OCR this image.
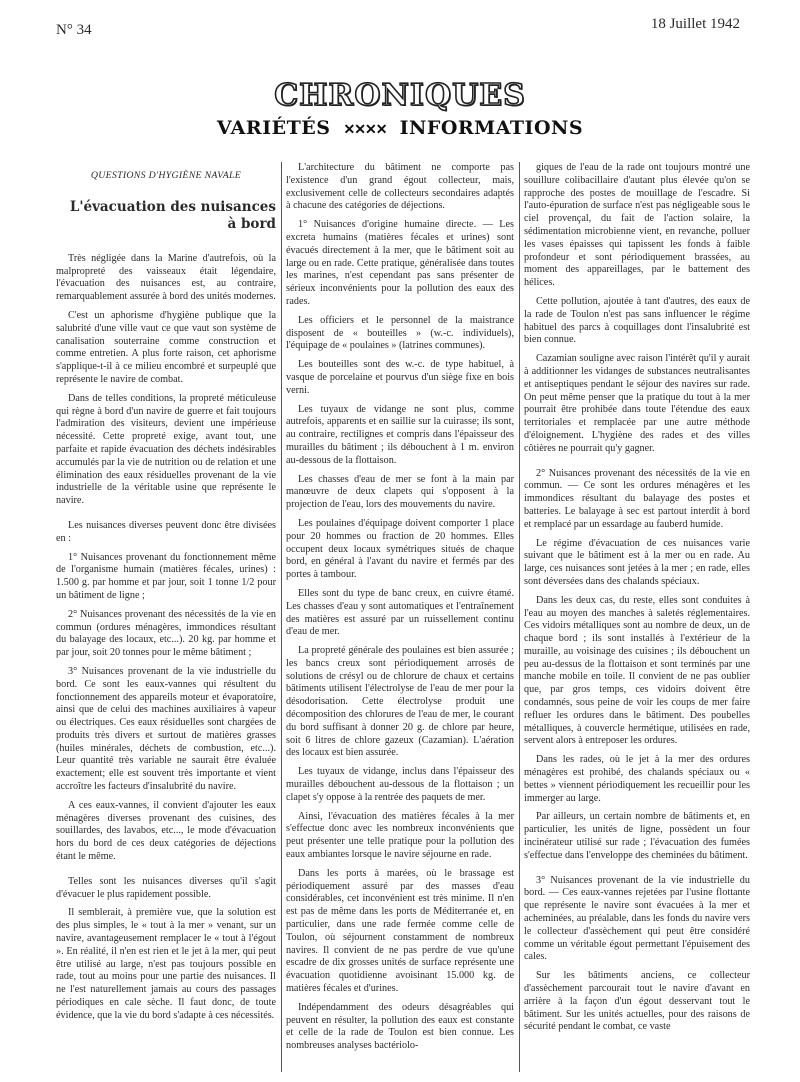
N° 34	18 Juillet 1942
CHRONIQUES
VARIÉTÉS ✕✕✕✕ INFORMATIONS
QUESTIONS D'HYGIÈNE NAVALE
L'évacuation des nuisances
à bord

Très négligée dans la Marine d'autrefois, où la malpropreté des vaisseaux était légendaire, l'évacuation des nuisances est, au contraire, remarquablement assurée à bord des unités modernes.

C'est un aphorisme d'hygiène publique que la salubrité d'une ville vaut ce que vaut son système de canalisation souterraine comme construction et comme entretien. A plus forte raison, cet aphorisme s'applique-t-il à ce milieu encombré et surpeuplé que représente le navire de combat.

Dans de telles conditions, la propreté méticuleuse qui règne à bord d'un navire de guerre et fait toujours l'admiration des visiteurs, devient une impérieuse nécessité. Cette propreté exige, avant tout, une parfaite et rapide évacuation des déchets indésirables accumulés par la vie de nutrition ou de relation et une élimination des eaux résiduelles provenant de la vie industrielle de la véritable usine que représente le navire.

Les nuisances diverses peuvent donc être divisées en :

1° Nuisances provenant du fonctionnement même de l'organisme humain (matières fécales, urines) : 1.500 g. par homme et par jour, soit 1 tonne 1/2 pour un bâtiment de ligne ;

2° Nuisances provenant des nécessités de la vie en commun (ordures ménagères, immondices résultant du balayage des locaux, etc...). 20 kg. par homme et par jour, soit 20 tonnes pour le même bâtiment ;

3° Nuisances provenant de la vie industrielle du bord. Ce sont les eaux-vannes qui résultent du fonctionnement des appareils moteur et évaporatoire, ainsi que de celui des machines auxiliaires à vapeur ou électriques. Ces eaux résiduelles sont chargées de produits très divers et surtout de matières grasses (huiles minérales, déchets de combustion, etc...). Leur quantité très variable ne saurait être évaluée exactement; elle est souvent très importante et vient accroître les facteurs d'insalubrité du navire.

A ces eaux-vannes, il convient d'ajouter les eaux ménagères diverses provenant des cuisines, des souillardes, des lavabos, etc..., le mode d'évacuation hors du bord de ces deux catégories de déjections étant le même.

Telles sont les nuisances diverses qu'il s'agit d'évacuer le plus rapidement possible.

Il semblerait, à première vue, que la solution est des plus simples, le « tout à la mer » venant, sur un navire, avantageusement remplacer le « tout à l'égout ». En réalité, il n'en est rien et le jet à la mer, qui peut être utilisé au large, n'est pas toujours possible en rade, tout au moins pour une partie des nuisances. Il ne l'est naturellement jamais au cours des passages périodiques en cale sèche. Il faut donc, de toute évidence, que la vie du bord s'adapte à ces nécessités.

L'architecture du bâtiment ne comporte pas l'existence d'un grand égout collecteur, mais, exclusivement celle de collecteurs secondaires adaptés à chacune des catégories de déjections.

1° Nuisances d'origine humaine directe. — Les excreta humains (matières fécales et urines) sont évacués directement à la mer, que le bâtiment soit au large ou en rade. Cette pratique, généralisée dans toutes les marines, n'est cependant pas sans présenter de sérieux inconvénients pour la pollution des eaux des rades.

Les officiers et le personnel de la maistrance disposent de « bouteilles » (w.-c. individuels), l'équipage de « poulaines » (latrines communes).

Les bouteilles sont des w.-c. de type habituel, à vasque de porcelaine et pourvus d'un siège fixe en bois verni.

Les tuyaux de vidange ne sont plus, comme autrefois, apparents et en saillie sur la cuirasse; ils sont, au contraire, rectilignes et compris dans l'épaisseur des murailles du bâtiment ; ils débouchent à 1 m. environ au-dessous de la flottaison.

Les chasses d'eau de mer se font à la main par manœuvre de deux clapets qui s'opposent à la projection de l'eau, lors des mouvements du navire.

Les poulaines d'équipage doivent comporter 1 place pour 20 hommes ou fraction de 20 hommes. Elles occupent deux locaux symétriques situés de chaque bord, en général à l'avant du navire et fermés par des portes à tambour.

Elles sont du type de banc creux, en cuivre étamé. Les chasses d'eau y sont automatiques et l'entraînement des matières est assuré par un ruissellement continu d'eau de mer.

La propreté générale des poulaines est bien assurée ; les bancs creux sont périodiquement arrosés de solutions de crésyl ou de chlorure de chaux et certains bâtiments utilisent l'électrolyse de l'eau de mer pour la désodorisation. Cette électrolyse produit une décomposition des chlorures de l'eau de mer, le courant du bord suffisant à donner 20 g. de chlore par heure, soit 6 litres de chlore gazeux (Cazamian). L'aération des locaux est bien assurée.

Les tuyaux de vidange, inclus dans l'épaisseur des murailles débouchent au-dessous de la flottaison ; un clapet s'y oppose à la rentrée des paquets de mer.

Ainsi, l'évacuation des matières fécales à la mer s'effectue donc avec les nombreux inconvénients que peut présenter une telle pratique pour la pollution des eaux ambiantes lorsque le navire séjourne en rade.

Dans les ports à marées, où le brassage est périodiquement assuré par des masses d'eau considérables, cet inconvénient est très minime. Il n'en est pas de même dans les ports de Méditerranée et, en particulier, dans une rade fermée comme celle de Toulon, où séjournent constamment de nombreux navires. Il convient de ne pas perdre de vue qu'une escadre de dix grosses unités de surface représente une évacuation quotidienne avoisinant 15.000 kg. de matières fécales et d'urines.

Indépendamment des odeurs désagréables qui peuvent en résulter, la pollution des eaux est constante et celle de la rade de Toulon est bien connue. Les nombreuses analyses bactériolo-

giques de l'eau de la rade ont toujours montré une souillure colibacillaire d'autant plus élevée qu'on se rapproche des postes de mouillage de l'escadre. Si l'auto-épuration de surface n'est pas négligeable sous le ciel provençal, du fait de l'action solaire, la sédimentation microbienne vient, en revanche, polluer les vases épaisses qui tapissent les fonds à faible profondeur et sont périodiquement brassées, au moment des appareillages, par le battement des hélices.

Cette pollution, ajoutée à tant d'autres, des eaux de la rade de Toulon n'est pas sans influencer le régime habituel des parcs à coquillages dont l'insalubrité est bien connue.

Cazamian souligne avec raison l'intérêt qu'il y aurait à additionner les vidanges de substances neutralisantes et antiseptiques pendant le séjour des navires sur rade. On peut même penser que la pratique du tout à la mer pourrait être prohibée dans toute l'étendue des eaux territoriales et remplacée par une autre méthode d'éloignement. L'hygiène des rades et des villes côtières ne pourrait qu'y gagner.

2° Nuisances provenant des nécessités de la vie en commun. — Ce sont les ordures ménagères et les immondices résultant du balayage des postes et batteries. Le balayage à sec est partout interdit à bord et remplacé par un essardage au fauberd humide.

Le régime d'évacuation de ces nuisances varie suivant que le bâtiment est à la mer ou en rade. Au large, ces nuisances sont jetées à la mer ; en rade, elles sont déversées dans des chalands spéciaux.

Dans les deux cas, du reste, elles sont conduites à l'eau au moyen des manches à saletés réglementaires. Ces vidoirs métalliques sont au nombre de deux, un de chaque bord ; ils sont installés à l'extérieur de la muraille, au voisinage des cuisines ; ils débouchent un peu au-dessus de la flottaison et sont terminés par une manche mobile en toile. Il convient de ne pas oublier que, par gros temps, ces vidoirs doivent être condamnés, sous peine de voir les coups de mer faire refluer les ordures dans le bâtiment. Des poubelles métalliques, à couvercle hermétique, utilisées en rade, servent alors à entreposer les ordures.

Dans les rades, où le jet à la mer des ordures ménagères est prohibé, des chalands spéciaux ou « bettes » viennent périodiquement les recueillir pour les immerger au large.

Par ailleurs, un certain nombre de bâtiments et, en particulier, les unités de ligne, possèdent un four incinérateur utilisé sur rade ; l'évacuation des fumées s'effectue dans l'enveloppe des cheminées du bâtiment.

3° Nuisances provenant de la vie industrielle du bord. — Ces eaux-vannes rejetées par l'usine flottante que représente le navire sont évacuées à la mer et acheminées, au préalable, dans les fonds du navire vers le collecteur d'assèchement qui peut être considéré comme un véritable égout permettant l'épuisement des cales.

Sur les bâtiments anciens, ce collecteur d'assèchement parcourait tout le navire d'avant en arrière à la façon d'un égout desservant tout le bâtiment. Sur les unités actuelles, pour des raisons de sécurité pendant le combat, ce vaste
